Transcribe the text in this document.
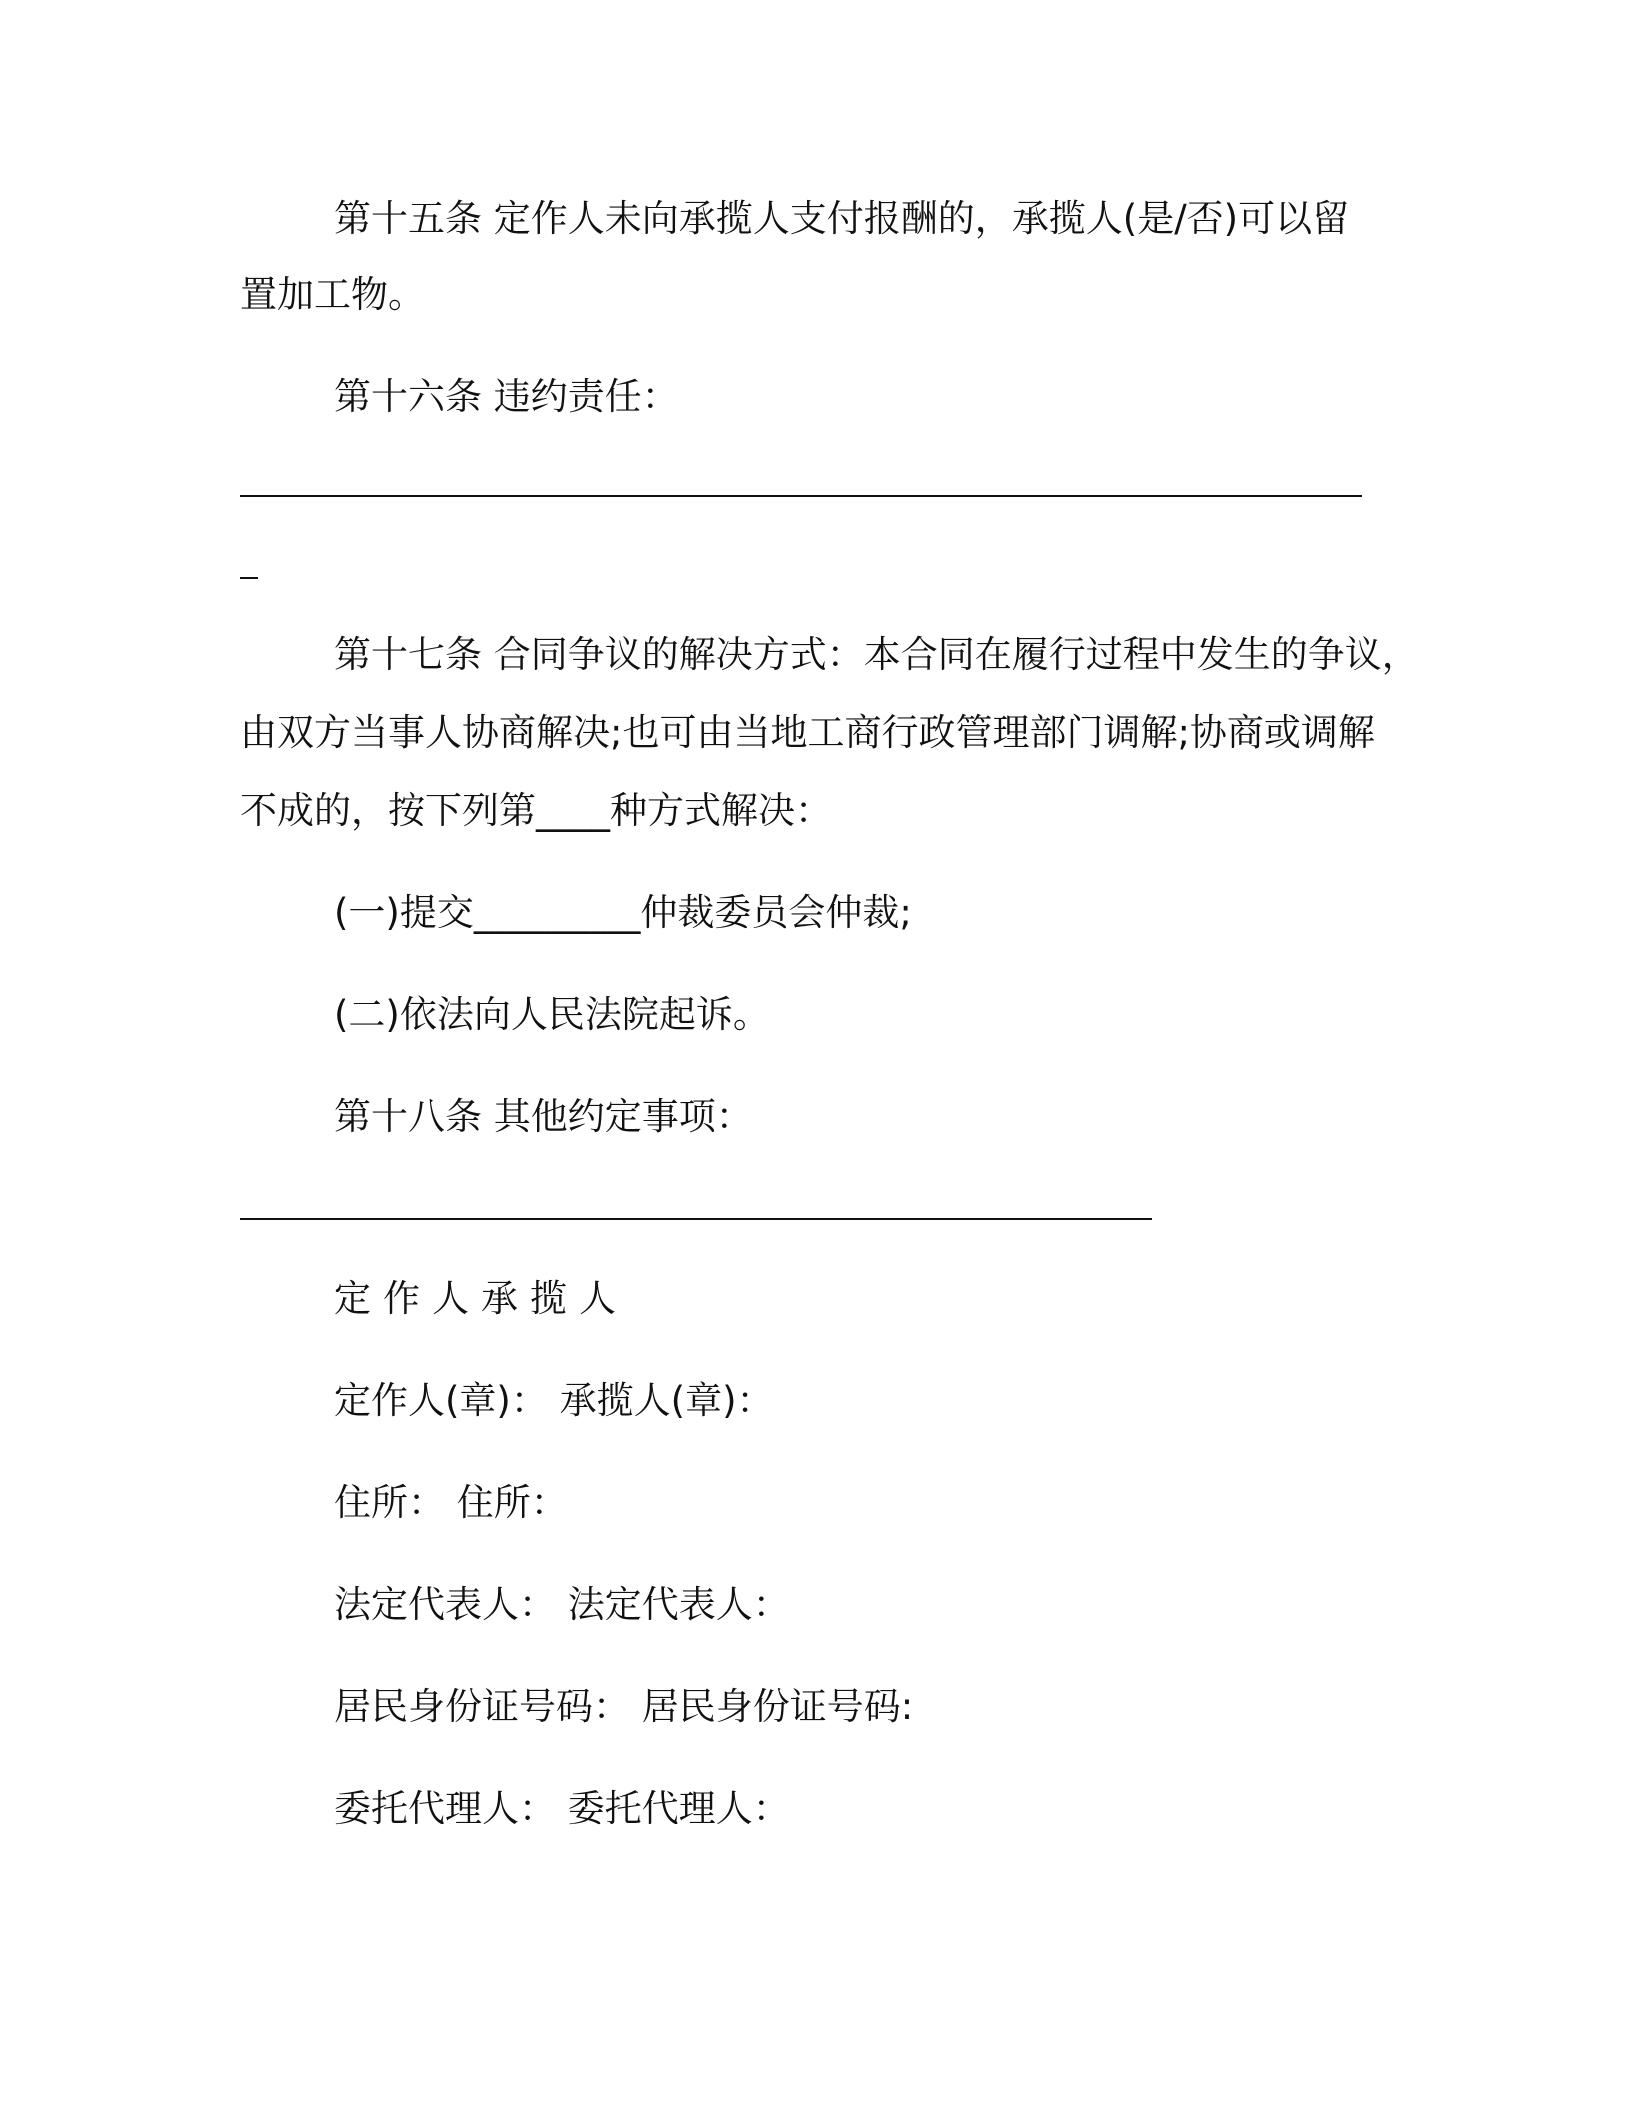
第十五条 定作人未向承揽人支付报酬的，承揽人(是/否)可以留
置加工物。
第十六条 违约责任：
第十七条 合同争议的解决方式：本合同在履行过程中发生的争议，
由双方当事人协商解决;也可由当地工商行政管理部门调解;协商或调解
不成的，按下列第____种方式解决：
(一)提交_________仲裁委员会仲裁;
(二)依法向人民法院起诉。
第十八条 其他约定事项：
定作人承揽人
定作人(章)： 承揽人(章)：
住所： 住所：
法定代表人： 法定代表人：
居民身份证号码： 居民身份证号码:
委托代理人： 委托代理人：
